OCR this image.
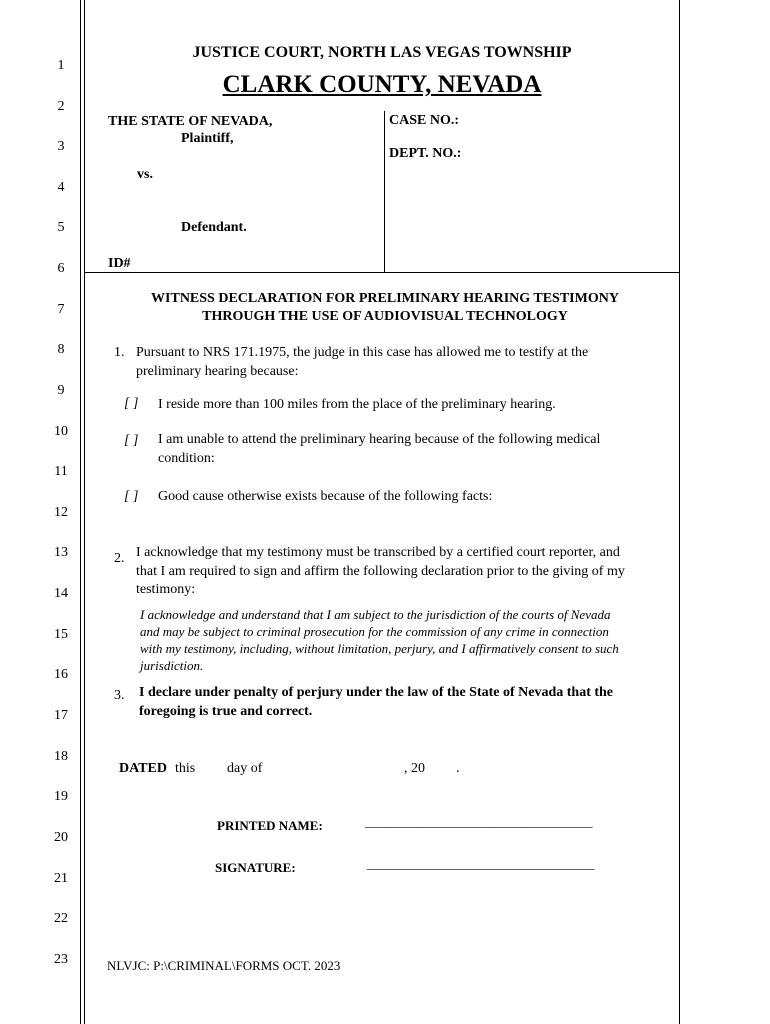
1
2
3
4
5
6
7
8
9
10
11
12
13
14
15
16
17
18
19
20
21
22
23
JUSTICE COURT, NORTH LAS VEGAS TOWNSHIP
CLARK COUNTY, NEVADA
THE STATE OF NEVADA,
Plaintiff,
vs.
Defendant.
ID#
CASE NO.:
DEPT. NO.:
WITNESS DECLARATION FOR PRELIMINARY HEARING TESTIMONY
THROUGH THE USE OF AUDIOVISUAL TECHNOLOGY
1. Pursuant to NRS 171.1975, the judge in this case has allowed me to testify at the
preliminary hearing because:
[ ] I reside more than 100 miles from the place of the preliminary hearing.
[ ] I am unable to attend the preliminary hearing because of the following medical
condition:
[ ] Good cause otherwise exists because of the following facts:
2. I acknowledge that my testimony must be transcribed by a certified court reporter, and
that I am required to sign and affirm the following declaration prior to the giving of my
testimony:
I acknowledge and understand that I am subject to the jurisdiction of the courts of Nevada
and may be subject to criminal prosecution for the commission of any crime in connection
with my testimony, including, without limitation, perjury, and I affirmatively consent to such
jurisdiction.
3. I declare under penalty of perjury under the law of the State of Nevada that the
foregoing is true and correct.
DATED this day of	, 20 .
PRINTED NAME:	___________________________________
SIGNATURE:	___________________________________
NLVJC: P:\CRIMINAL\FORMS OCT. 2023
